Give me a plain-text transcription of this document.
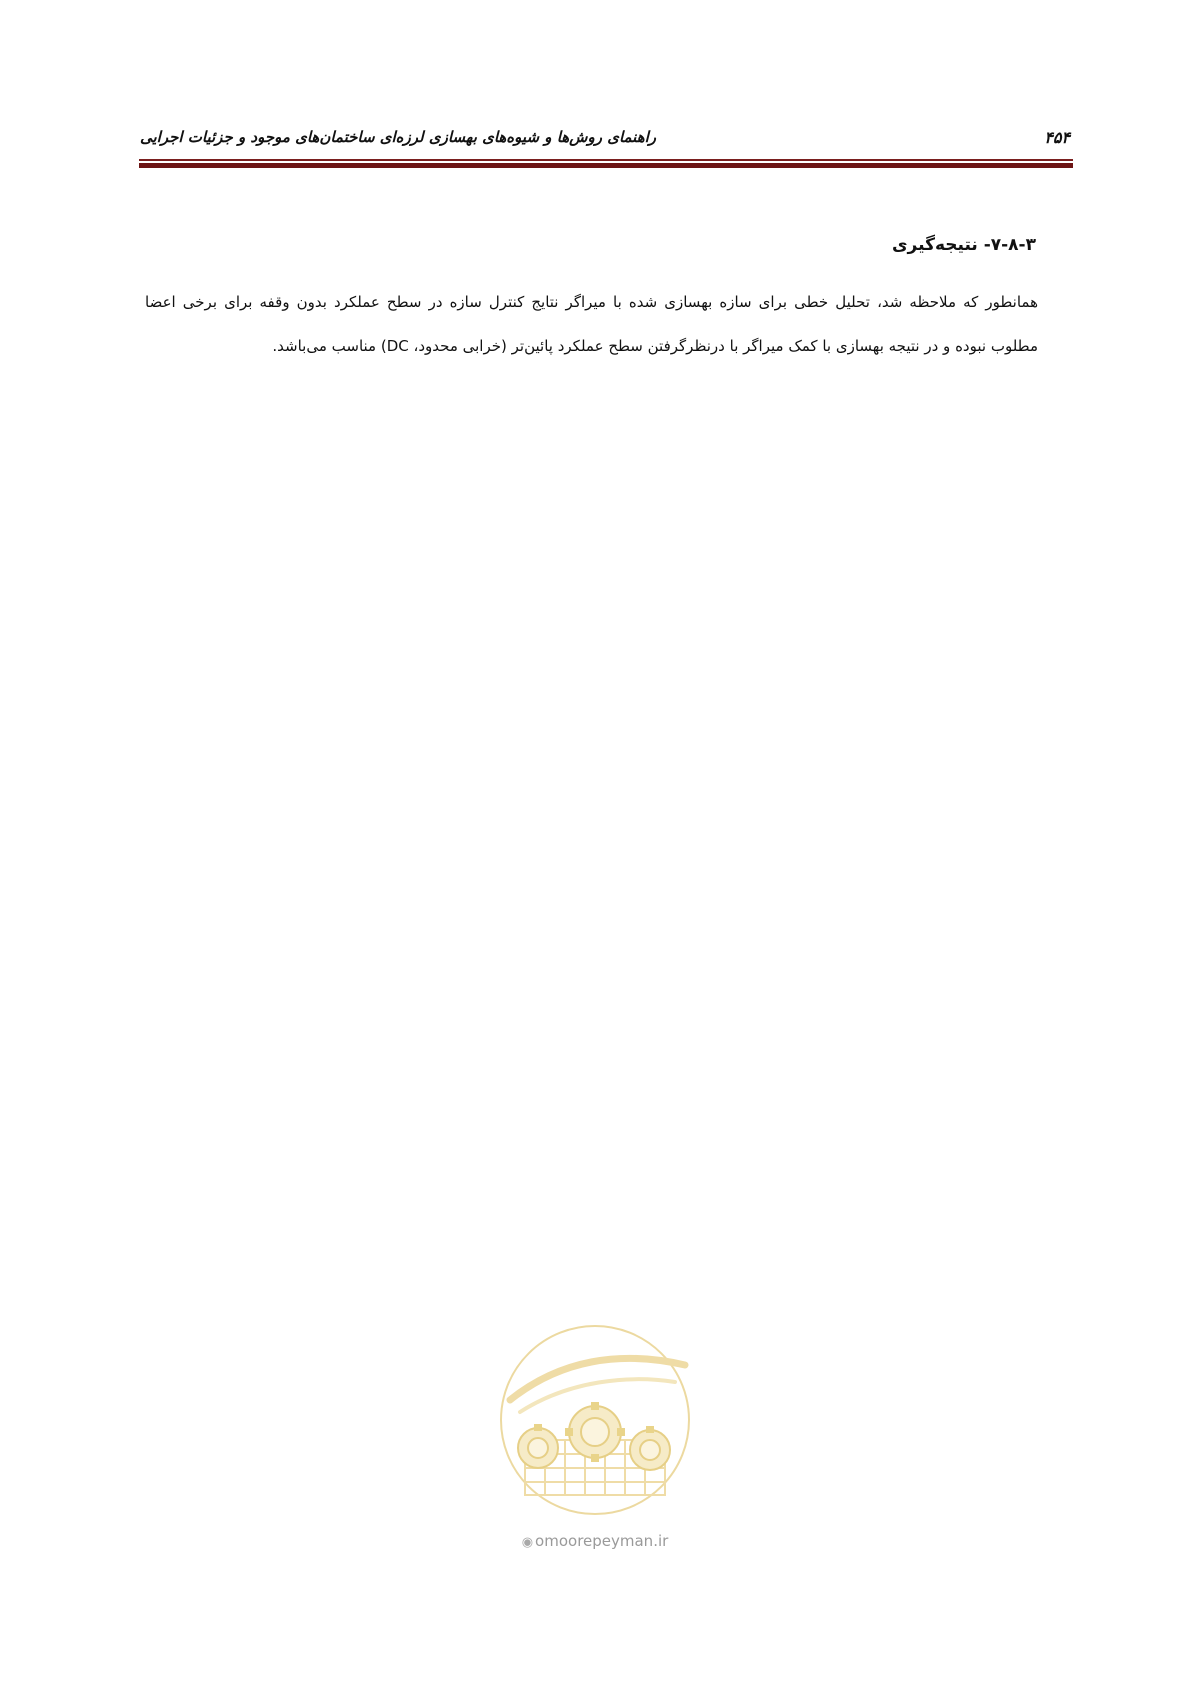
راهنمای روش‌ها و شیوه‌های بهسازی لرزه‌ای ساختمان‌های موجود و جزئیات اجرایی	۴۵۴
۷-۸-۳- نتیجه‌گیری
همانطور که ملاحظه شد، تحلیل خطی برای سازه بهسازی شده با میراگر نتایج کنترل سازه در سطح عملکرد بدون وقفه برای برخی اعضا مطلوب نبوده و در نتیجه بهسازی با کمک میراگر با درنظرگرفتن سطح عملکرد پائین‌تر (خرابی محدود، DC) مناسب می‌باشد.
◉ omoorepeyman.ir
